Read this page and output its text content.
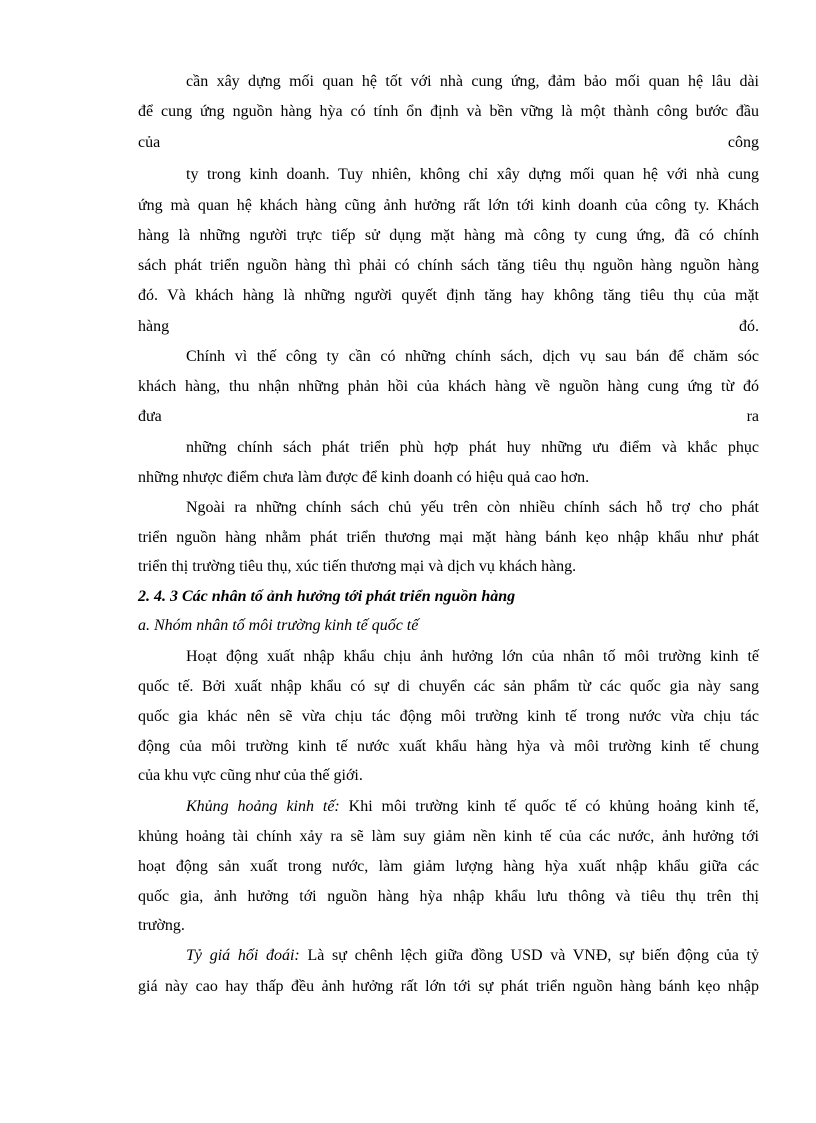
cần xây dựng mối quan hệ tốt với nhà cung ứng, đảm bảo mối quan hệ lâu dài
để cung ứng nguồn hàng hỳa có tính ổn định và bền vững là một thành công bước đầu
của	công
ty trong kinh doanh. Tuy nhiên, không chỉ xây dựng mối quan hệ với nhà cung
ứng mà quan hệ khách hàng cũng ảnh hưởng rất lớn tới kinh doanh của công ty. Khách
hàng là những người trực tiếp sử dụng mặt hàng mà công ty cung ứng, đã có chính
sách phát triển nguồn hàng thì phải có chính sách tăng tiêu thụ nguồn hàng nguồn hàng
đó. Và khách hàng là những người quyết định tăng hay không tăng tiêu thụ của mặt
hàng	đó.
Chính vì thế công ty cần có những chính sách, dịch vụ sau bán để chăm sóc
khách hàng, thu nhận những phản hồi của khách hàng về nguồn hàng cung ứng từ đó
đưa	ra
những chính sách phát triển phù hợp phát huy những ưu điểm và khắc phục
những nhược điểm chưa làm được để kinh doanh có hiệu quả cao hơn.
Ngoài ra những chính sách chủ yếu trên còn nhiều chính sách hỗ trợ cho phát
triển nguồn hàng nhằm phát triển thương mại mặt hàng bánh kẹo nhập khẩu như phát
triển thị trường tiêu thụ, xúc tiến thương mại và dịch vụ khách hàng.
2. 4. 3 Các nhân tố ảnh hưởng tới phát triển nguồn hàng
a. Nhóm nhân tố môi trường kinh tế quốc tế
Hoạt động xuất nhập khẩu chịu ảnh hưởng lớn của nhân tố môi trường kinh tế
quốc tế. Bởi xuất nhập khẩu có sự di chuyển các sản phẩm từ các quốc gia này sang
quốc gia khác nên sẽ vừa chịu tác động môi trường kinh tế trong nước vừa chịu tác
động của môi trường kinh tế nước xuất khẩu hàng hỳa và môi trường kinh tế chung
của khu vực cũng như của thế giới.
Khủng hoảng kinh tế: Khi môi trường kinh tế quốc tế có khủng hoảng kinh tế,
khủng hoảng tài chính xảy ra sẽ làm suy giảm nền kinh tế của các nước, ảnh hưởng tới
hoạt động sản xuất trong nước, làm giảm lượng hàng hỳa xuất nhập khẩu giữa các
quốc gia, ảnh hưởng tới nguồn hàng hỳa nhập khẩu lưu thông và tiêu thụ trên thị
trường.
Tỷ giá hối đoái: Là sự chênh lệch giữa đồng USD và VNĐ, sự biến động của tỷ
giá này cao hay thấp đều ảnh hưởng rất lớn tới sự phát triển nguồn hàng bánh kẹo nhập
